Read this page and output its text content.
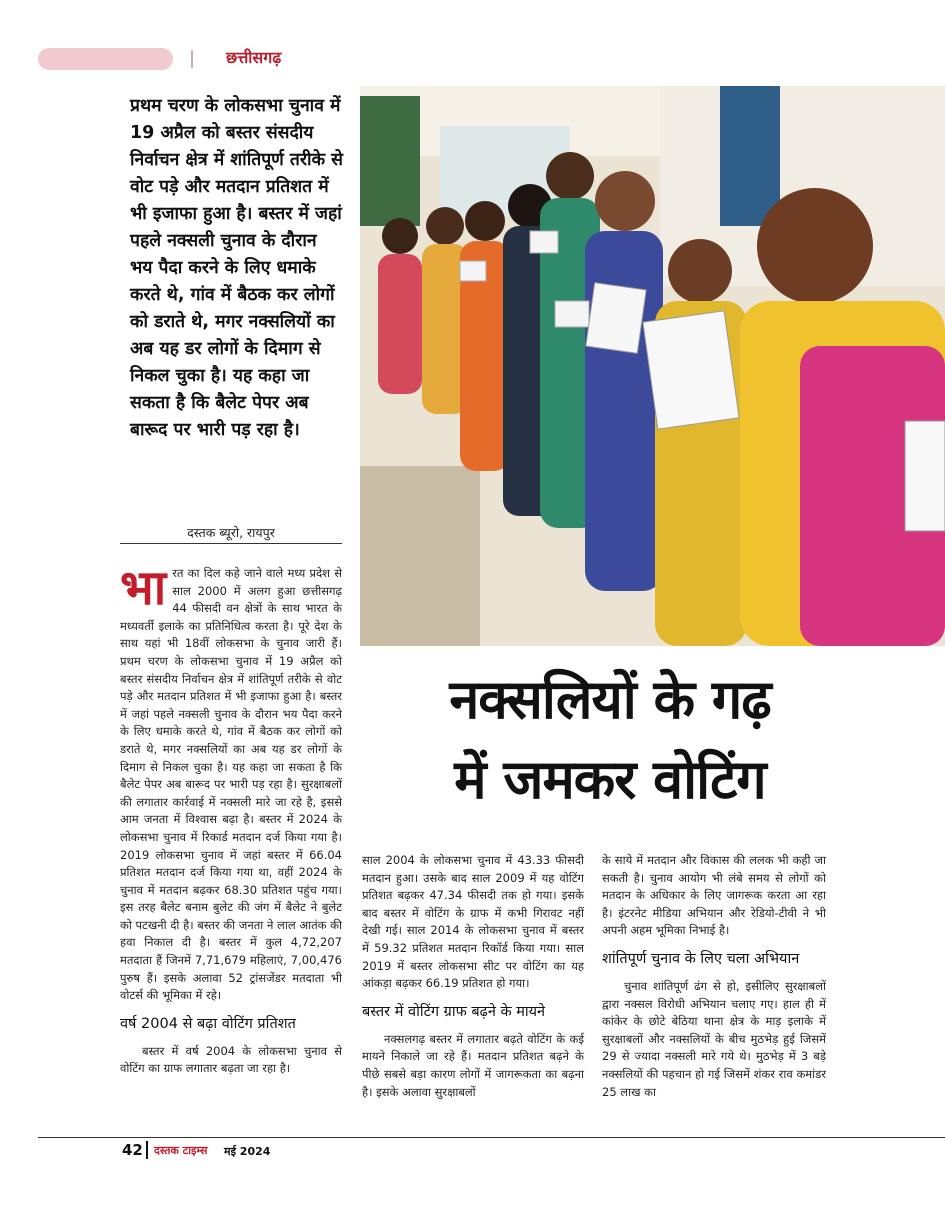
छत्तीसगढ़
प्रथम चरण के लोकसभा चुनाव में 19 अप्रैल को बस्तर संसदीय निर्वाचन क्षेत्र में शांतिपूर्ण तरीके से वोट पड़े और मतदान प्रतिशत में भी इजाफा हुआ है। बस्तर में जहां पहले नक्सली चुनाव के दौरान भय पैदा करने के लिए धमाके करते थे, गांव में बैठक कर लोगों को डराते थे, मगर नक्सलियों का अब यह डर लोगों के दिमाग से निकल चुका है। यह कहा जा सकता है कि बैलेट पेपर अब बारूद पर भारी पड़ रहा है।
दस्तक ब्यूरो, रायपुर
नक्सलियों के गढ़
में जमकर वोटिंग
भा रत का दिल कहे जाने वाले मध्य प्रदेश से साल 2000 में अलग हुआ छत्तीसगढ़ 44 फीसदी वन क्षेत्रों के साथ भारत के मध्यवर्ती इलाके का प्रतिनिधित्व करता है। पूरे देश के साथ यहां भी 18वीं लोकसभा के चुनाव जारी हैं। प्रथम चरण के लोकसभा चुनाव में 19 अप्रैल को बस्तर संसदीय निर्वाचन क्षेत्र में शांतिपूर्ण तरीके से वोट पड़े और मतदान प्रतिशत में भी इजाफा हुआ है। बस्तर में जहां पहले नक्सली चुनाव के दौरान भय पैदा करने के लिए धमाके करते थे, गांव में बैठक कर लोगों को डराते थे, मगर नक्सलियों का अब यह डर लोगों के दिमाग से निकल चुका है। यह कहा जा सकता है कि बैलेट पेपर अब बारूद पर भारी पड़ रहा है। सुरक्षाबलों की लगातार कार्रवाई में नक्सली मारे जा रहे है, इससे आम जनता में विश्वास बढ़ा है। बस्तर में 2024 के लोकसभा चुनाव में रिकार्ड मतदान दर्ज किया गया है। 2019 लोकसभा चुनाव में जहां बस्तर में 66.04 प्रतिशत मतदान दर्ज किया गया था, वहीं 2024 के चुनाव में मतदान बढ़कर 68.30 प्रतिशत पहुंच गया। इस तरह बैलेट बनाम बुलेट की जंग में बैलेट ने बुलेट को पटखनी दी है। बस्तर की जनता ने लाल आतंक की हवा निकाल दी है। बस्तर में कुल 4,72,207 मतदाता हैं जिनमें 7,71,679 महिलाएं, 7,00,476 पुरुष हैं। इसके अलावा 52 ट्रांसजेंडर मतदाता भी वोटर्स की भूमिका में रहे।

वर्ष 2004 से बढ़ा वोटिंग प्रतिशत

बस्तर में वर्ष 2004 के लोकसभा चुनाव से वोटिंग का ग्राफ लगातार बढ़ता जा रहा है।

साल 2004 के लोकसभा चुनाव में 43.33 फीसदी मतदान हुआ। उसके बाद साल 2009 में यह वोटिंग प्रतिशत बढ़कर 47.34 फीसदी तक हो गया। इसके बाद बस्तर में वोटिंग के ग्राफ में कभी गिरावट नहीं देखी गई। साल 2014 के लोकसभा चुनाव में बस्तर में 59.32 प्रतिशत मतदान रिकॉर्ड किया गया। साल 2019 में बस्तर लोकसभा सीट पर वोटिंग का यह आंकड़ा बढ़कर 66.19 प्रतिशत हो गया।

बस्तर में वोटिंग ग्राफ बढ़ने के मायने

नक्सलगढ़ बस्तर में लगातार बढ़ते वोटिंग के कई मायने निकाले जा रहे हैं। मतदान प्रतिशत बढ़ने के पीछे सबसे बड़ा कारण लोगों में जागरूकता का बढ़ना है। इसके अलावा सुरक्षाबलों

के साये में मतदान और विकास की ललक भी कही जा सकती है। चुनाव आयोग भी लंबे समय से लोगों को मतदान के अधिकार के लिए जागरूक करता आ रहा है। इंटरनेट मीडिया अभियान और रेडियो-टीवी ने भी अपनी अहम भूमिका निभाई है।

शांतिपूर्ण चुनाव के लिए चला अभियान

चुनाव शांतिपूर्ण ढंग से हो, इसीलिए सुरक्षाबलों द्वारा नक्सल विरोधी अभियान चलाए गए। हाल ही में कांकेर के छोटे बेठिया थाना क्षेत्र के माड़ इलाके में सुरक्षाबलों और नक्सलियों के बीच मुठभेड़ हुई जिसमें 29 से ज्यादा नक्सली मारे गये थे। मुठभेड़ में 3 बड़े नक्सलियों की पहचान हो गई जिसमें शंकर राव कमांडर 25 लाख का

42 दस्तक टाइम्स मई 2024
